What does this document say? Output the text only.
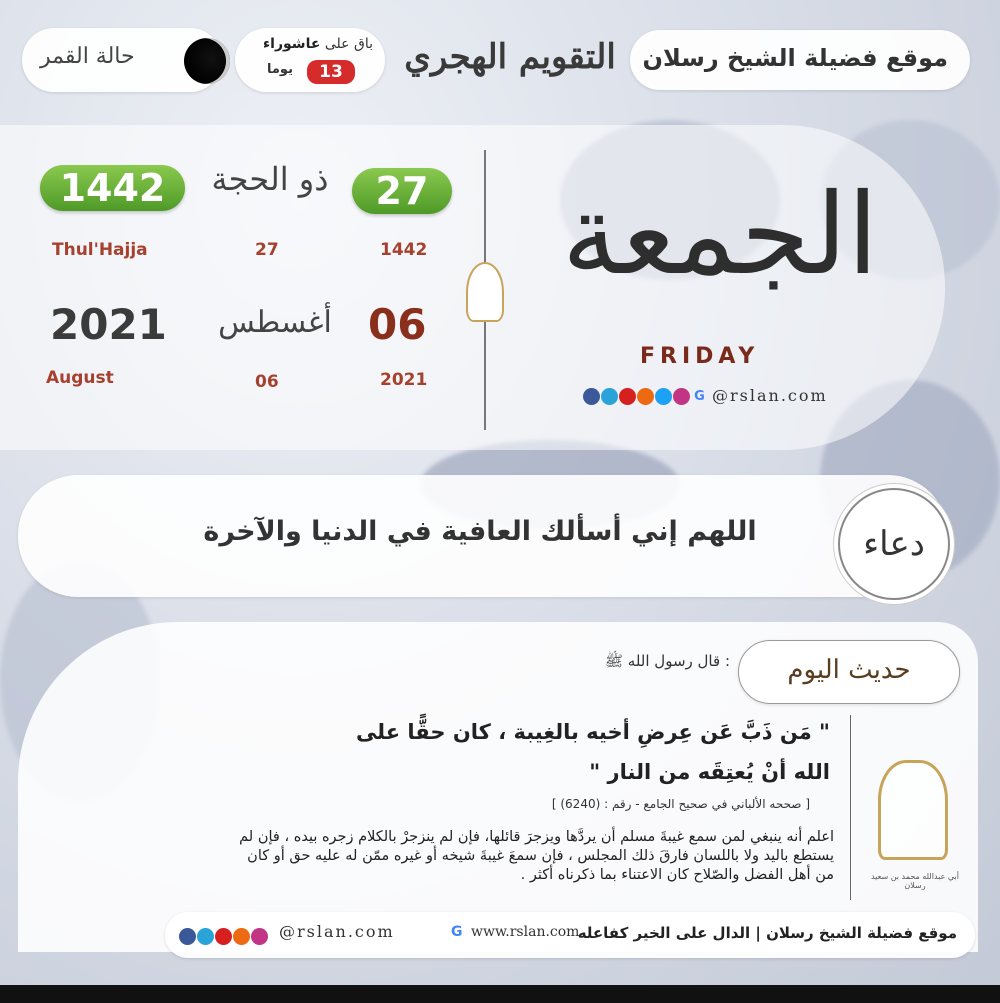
موقع فضيلة الشيخ رسلان
التقويم الهجري
باق على عاشوراء
13
يوما
حالة القمر
1442	ذو الحجة	27
Thul'Hajja	27	1442
2021 أغسطس 06
August	06	2021
الجمعة
FRIDAY
G @rslan.com
اللهم إني أسألك العافية في الدنيا والآخرة	دعاء
حديث اليوم
قال رسول الله ﷺ :
" مَن ذَبَّ عَن عِرضِ أخيه بالغِيبة ، كان حقًّا على الله أنْ يُعتِقَه من النار "
[ صححه الألباني في صحيح الجامع - رقم : (6240) ]
اعلم أنه ينبغي لمن سمع غيبةَ مسلم أن يردَّها ويزجرَ قائلها، فإن لم ينزجرْ بالكلام زجره بيده ، فإن لم يستطع باليد ولا باللسان فارقَ ذلك المجلس ، فإن سمعَ غيبةَ شيخه أو غيره ممّن له عليه حق أو كان من أهل الفضل والصّلاح كان الاعتناء بما ذكرناه أكثر .	أبي عبدالله محمد بن سعيد رسلان
موقع فضيلة الشيخ رسلان | الدال على الخير كفاعله
G www.rslan.com
@rslan.com
